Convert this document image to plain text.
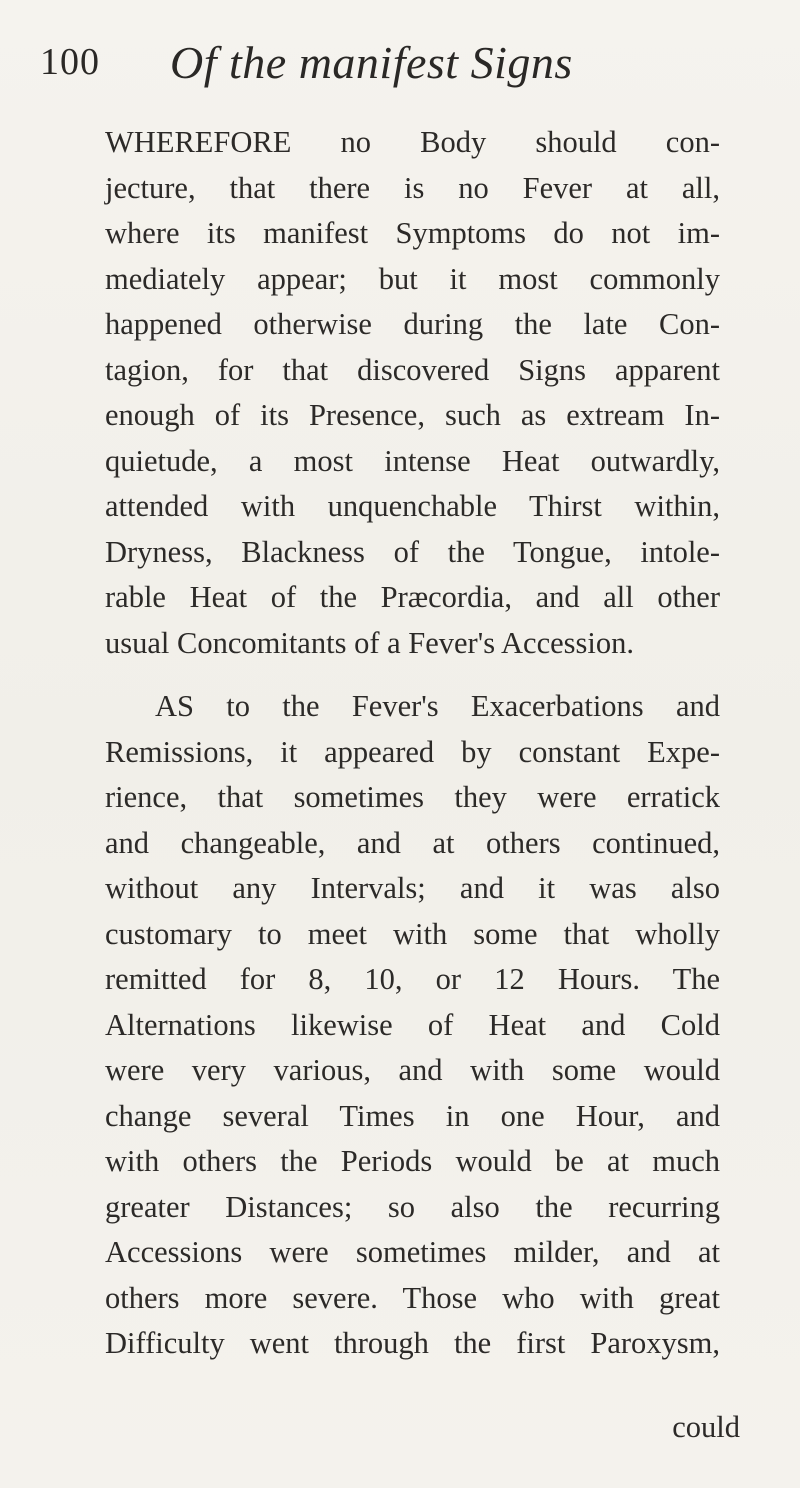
100 Of the manifest Signs
WHEREFORE no Body should con-
jecture, that there is no Fever at all,
where its manifest Symptoms do not im-
mediately appear; but it most commonly
happened otherwise during the late Con-
tagion, for that discovered Signs apparent
enough of its Presence, such as extream In-
quietude, a most intense Heat outwardly,
attended with unquenchable Thirst within,
Dryness, Blackness of the Tongue, intole-
rable Heat of the Præcordia, and all other
usual Concomitants of a Fever's Accession.
AS to the Fever's Exacerbations and
Remissions, it appeared by constant Expe-
rience, that sometimes they were erratick
and changeable, and at others continued,
without any Intervals; and it was also
customary to meet with some that wholly
remitted for 8, 10, or 12 Hours. The
Alternations likewise of Heat and Cold
were very various, and with some would
change several Times in one Hour, and
with others the Periods would be at much
greater Distances; so also the recurring
Accessions were sometimes milder, and at
others more severe. Those who with great
Difficulty went through the first Paroxysm,
could
